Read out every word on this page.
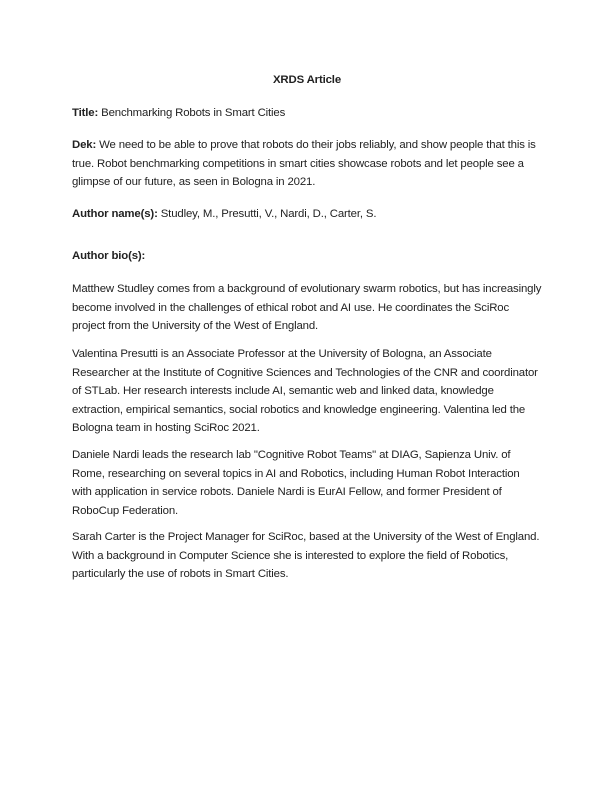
XRDS Article

Title: Benchmarking Robots in Smart Cities

Dek: We need to be able to prove that robots do their jobs reliably, and show people that this is true. Robot benchmarking competitions in smart cities showcase robots and let people see a glimpse of our future, as seen in Bologna in 2021.

Author name(s): Studley, M., Presutti, V., Nardi, D., Carter, S.

Author bio(s):

Matthew Studley comes from a background of evolutionary swarm robotics, but has increasingly become involved in the challenges of ethical robot and AI use. He coordinates the SciRoc project from the University of the West of England.

Valentina Presutti is an Associate Professor at the University of Bologna, an Associate Researcher at the Institute of Cognitive Sciences and Technologies of the CNR and coordinator of STLab. Her research interests include AI, semantic web and linked data, knowledge extraction, empirical semantics, social robotics and knowledge engineering. Valentina led the Bologna team in hosting SciRoc 2021.

Daniele Nardi leads the research lab "Cognitive Robot Teams" at DIAG, Sapienza Univ. of Rome, researching on several topics in AI and Robotics, including Human Robot Interaction with application in service robots. Daniele Nardi is EurAI Fellow, and former President of RoboCup Federation.

Sarah Carter is the Project Manager for SciRoc, based at the University of the West of England. With a background in Computer Science she is interested to explore the field of Robotics, particularly the use of robots in Smart Cities.
